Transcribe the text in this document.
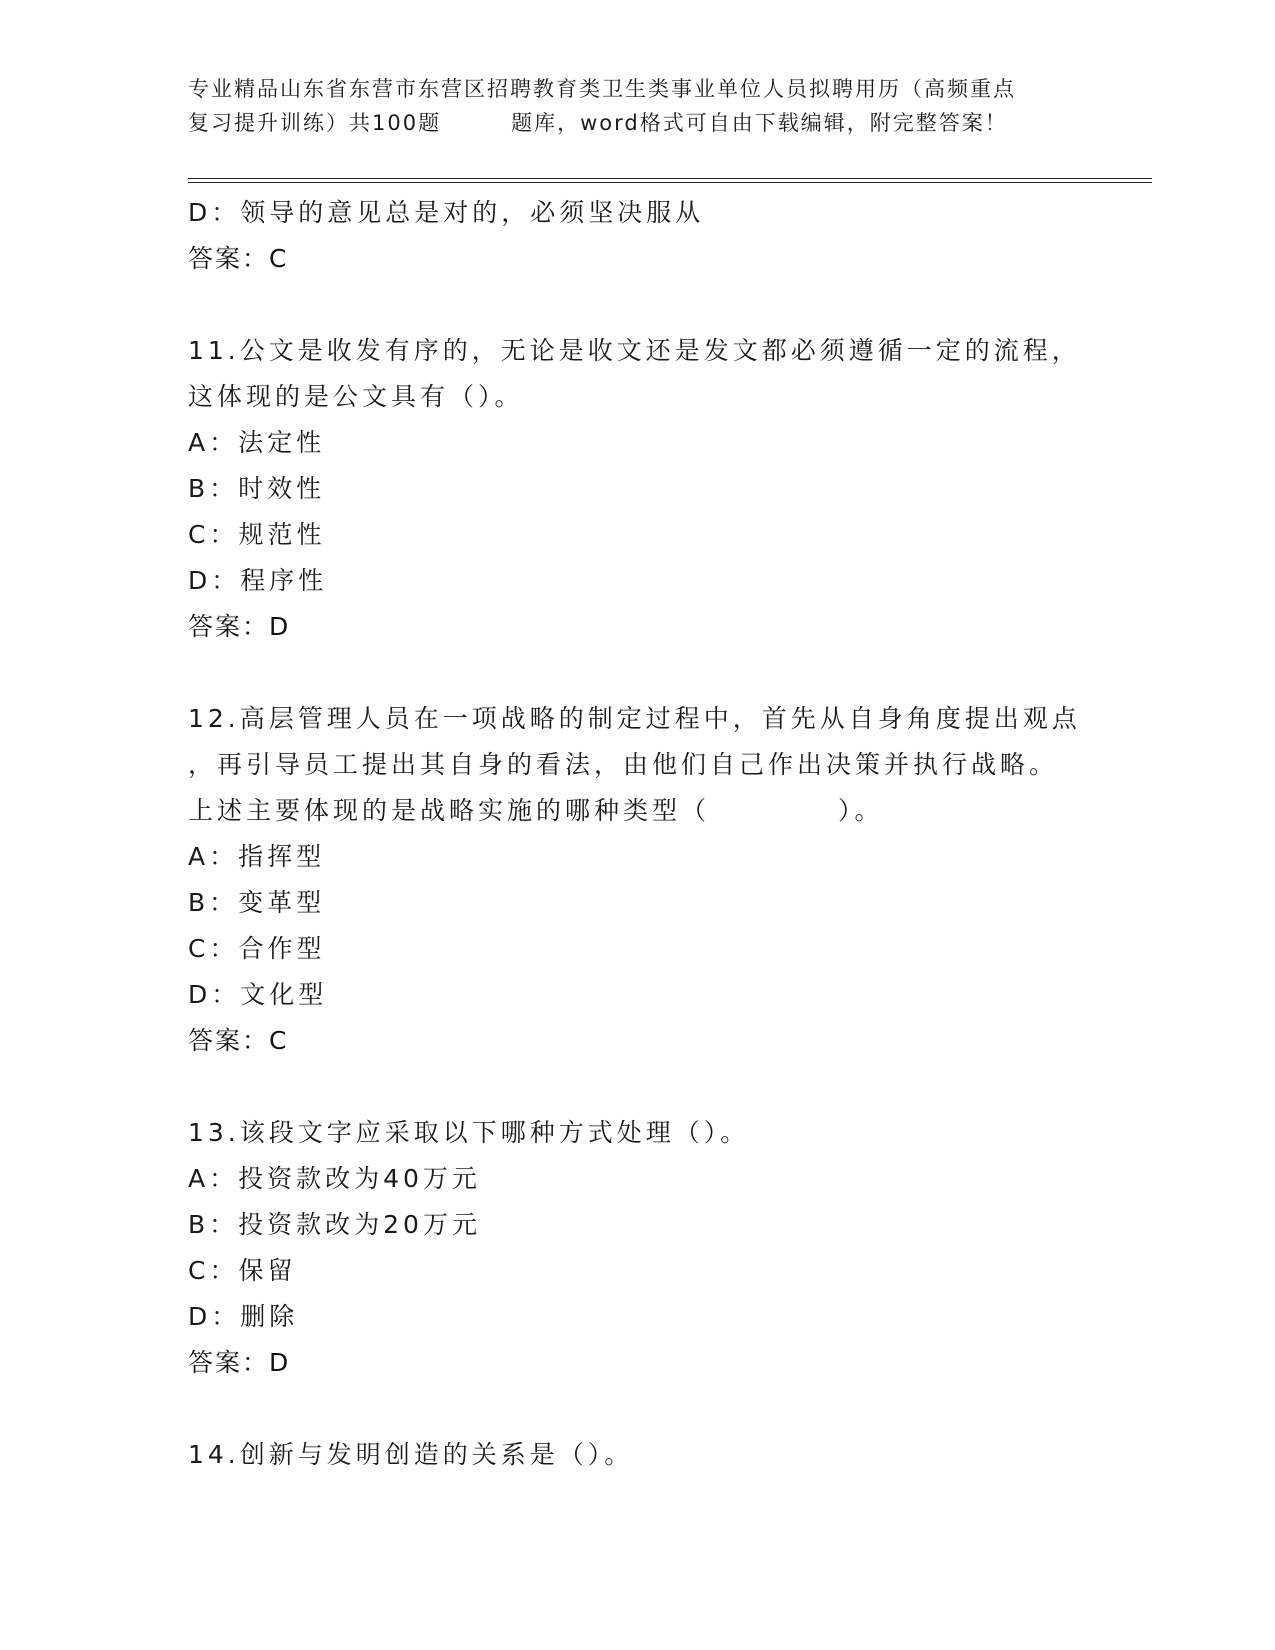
专业精品山东省东营市东营区招聘教育类卫生类事业单位人员拟聘用历（高频重点
复习提升训练）共100题	题库，word格式可自由下载编辑，附完整答案！
D：领导的意见总是对的，必须坚决服从
答案：C
11.公文是收发有序的，无论是收文还是发文都必须遵循一定的流程，
这体现的是公文具有（）。
A：法定性
B：时效性
C：规范性
D：程序性
答案：D
12.高层管理人员在一项战略的制定过程中，首先从自身角度提出观点
，再引导员工提出其自身的看法，由他们自己作出决策并执行战略。
上述主要体现的是战略实施的哪种类型（	）。
A：指挥型
B：变革型
C：合作型
D：文化型
答案：C
13.该段文字应采取以下哪种方式处理（）。
A：投资款改为40万元
B：投资款改为20万元
C：保留
D：删除
答案：D
14.创新与发明创造的关系是（）。
